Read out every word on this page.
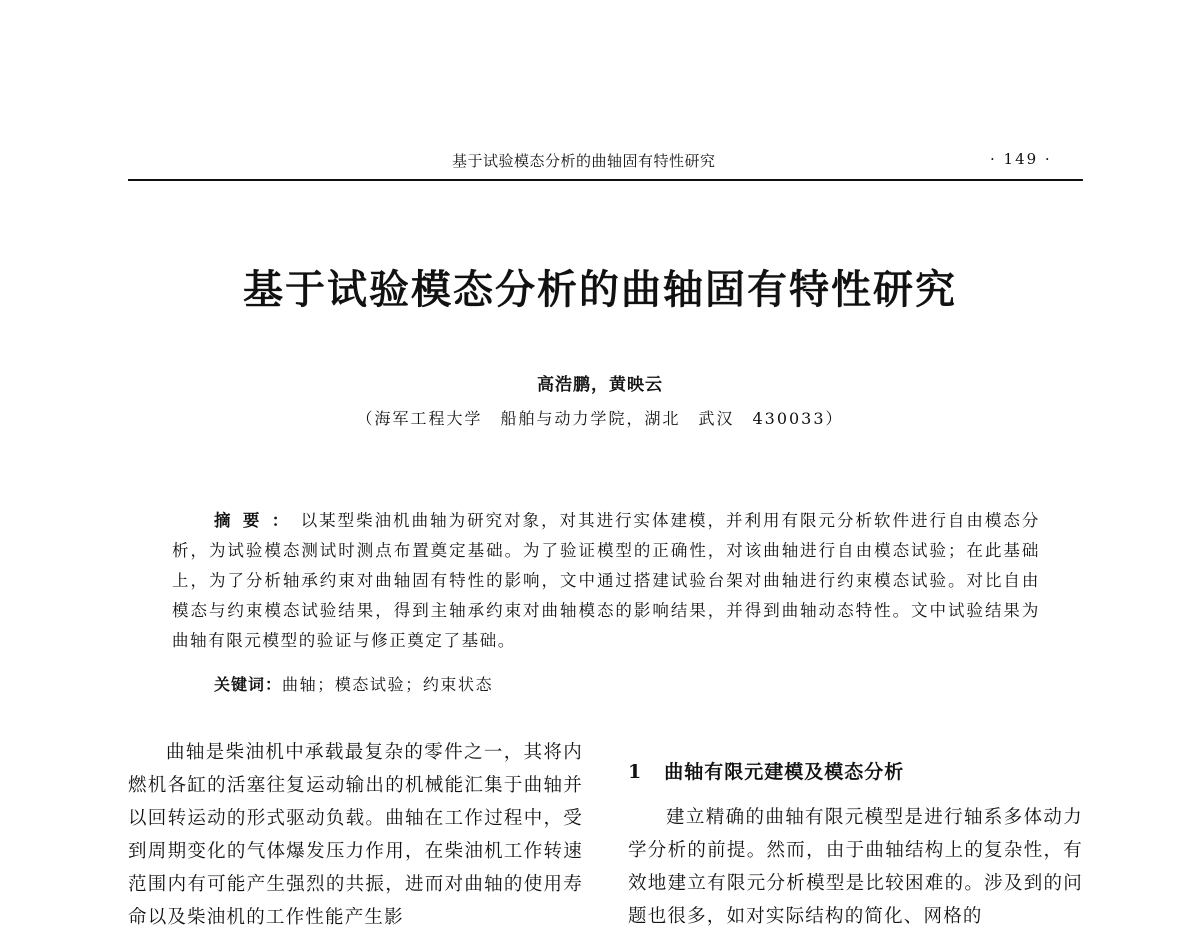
基于试验模态分析的曲轴固有特性研究	· 149 ·
基于试验模态分析的曲轴固有特性研究
高浩鹏，黄映云
（海军工程大学　船舶与动力学院，湖北　武汉　430033）
摘要：以某型柴油机曲轴为研究对象，对其进行实体建模，并利用有限元分析软件进行自由模态分析，为试验模态测试时测点布置奠定基础。为了验证模型的正确性，对该曲轴进行自由模态试验；在此基础上，为了分析轴承约束对曲轴固有特性的影响，文中通过搭建试验台架对曲轴进行约束模态试验。对比自由模态与约束模态试验结果，得到主轴承约束对曲轴模态的影响结果，并得到曲轴动态特性。文中试验结果为曲轴有限元模型的验证与修正奠定了基础。
关键词：曲轴；模态试验；约束状态

曲轴是柴油机中承载最复杂的零件之一，其将内燃机各缸的活塞往复运动输出的机械能汇集于曲轴并以回转运动的形式驱动负载。曲轴在工作过程中，受到周期变化的气体爆发压力作用，在柴油机工作转速范围内有可能产生强烈的共振，进而对曲轴的使用寿命以及柴油机的工作性能产生影

1 曲轴有限元建模及模态分析

建立精确的曲轴有限元模型是进行轴系多体动力学分析的前提。然而，由于曲轴结构上的复杂性，有效地建立有限元分析模型是比较困难的。涉及到的问题也很多，如对实际结构的简化、网格的
